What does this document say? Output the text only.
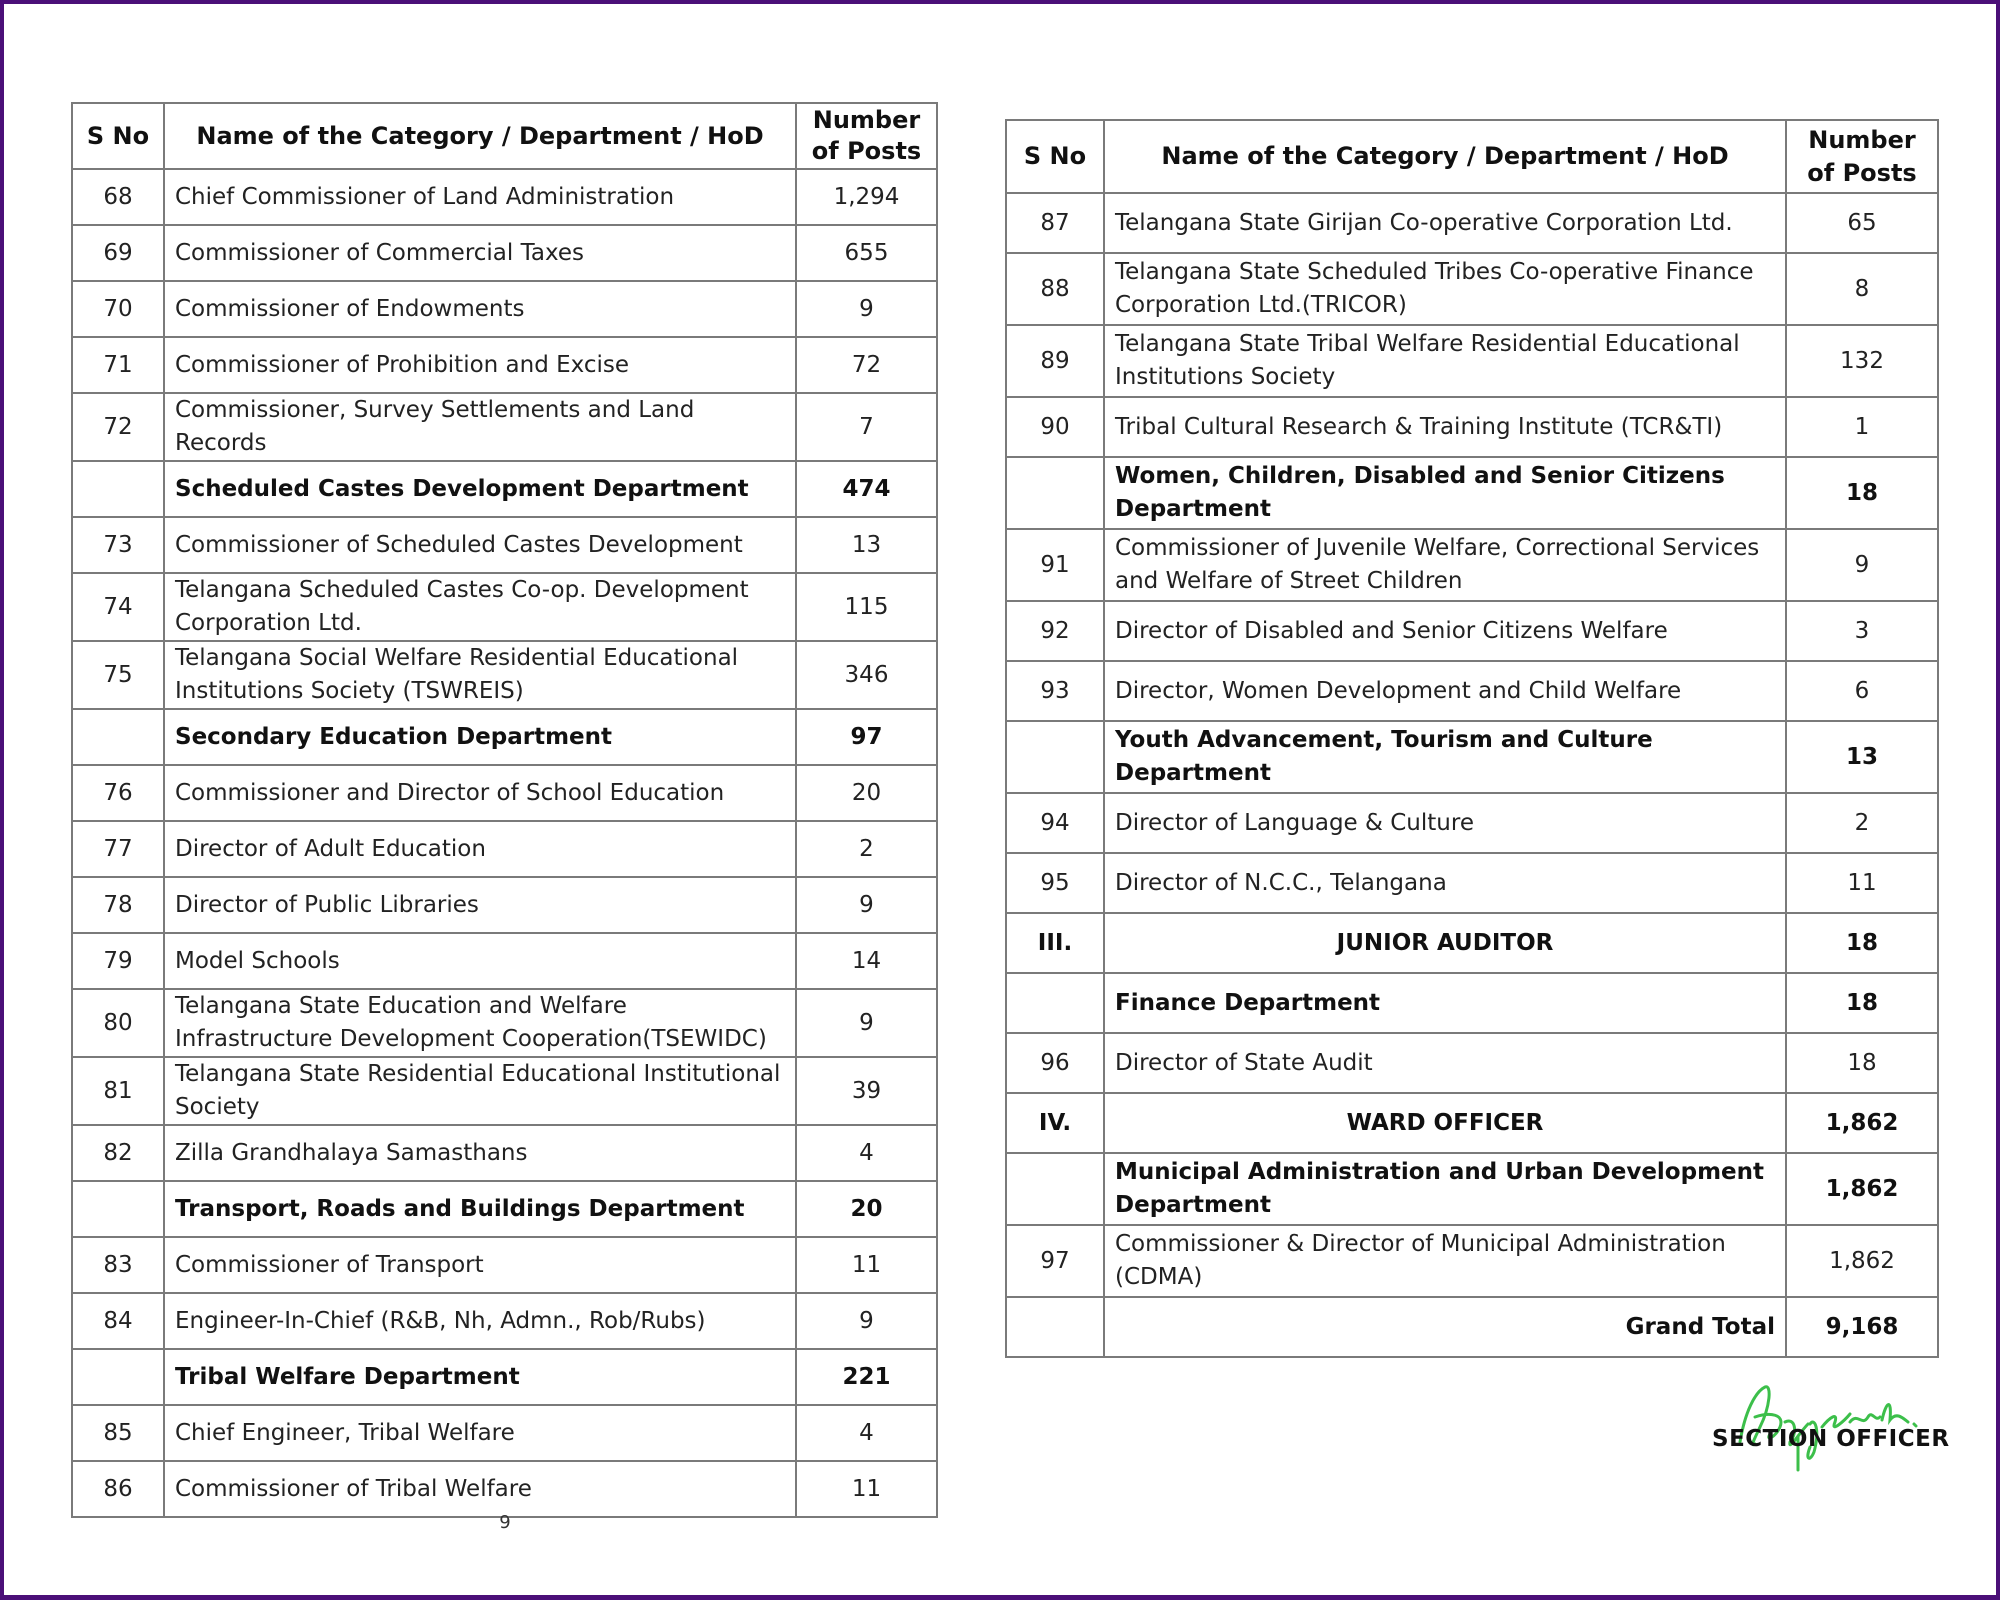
S No	Name of the Category / Department / HoD	Number of Posts
68	Chief Commissioner of Land Administration	1,294
69	Commissioner of Commercial Taxes	655
70	Commissioner of Endowments	9
71	Commissioner of Prohibition and Excise	72
72	Commissioner, Survey Settlements and Land Records	7
	Scheduled Castes Development Department	474
73	Commissioner of Scheduled Castes Development	13
74	Telangana Scheduled Castes Co-op. Development Corporation Ltd.	115
75	Telangana Social Welfare Residential Educational Institutions Society (TSWREIS)	346
	Secondary Education Department	97
76	Commissioner and Director of School Education	20
77	Director of Adult Education	2
78	Director of Public Libraries	9
79	Model Schools	14
80	Telangana State Education and Welfare Infrastructure Development Cooperation(TSEWIDC)	9
81	Telangana State Residential Educational Institutional Society	39
82	Zilla Grandhalaya Samasthans	4
	Transport, Roads and Buildings Department	20
83	Commissioner of Transport	11
84	Engineer-In-Chief (R&B, Nh, Admn., Rob/Rubs)	9
	Tribal Welfare Department	221
85	Chief Engineer, Tribal Welfare	4
86	Commissioner of Tribal Welfare	11
S No	Name of the Category / Department / HoD	Number of Posts
87	Telangana State Girijan Co-operative Corporation Ltd.	65
88	Telangana State Scheduled Tribes Co-operative Finance Corporation Ltd.(TRICOR)	8
89	Telangana State Tribal Welfare Residential Educational Institutions Society	132
90	Tribal Cultural Research & Training Institute (TCR&TI)	1
	Women, Children, Disabled and Senior Citizens Department	18
91	Commissioner of Juvenile Welfare, Correctional Services and Welfare of Street Children	9
92	Director of Disabled and Senior Citizens Welfare	3
93	Director, Women Development and Child Welfare	6
	Youth Advancement, Tourism and Culture Department	13
94	Director of Language & Culture	2
95	Director of N.C.C., Telangana	11
III.	JUNIOR AUDITOR	18
	Finance Department	18
96	Director of State Audit	18
IV.	WARD OFFICER	1,862
	Municipal Administration and Urban Development Department	1,862
97	Commissioner & Director of Municipal Administration (CDMA)	1,862
	Grand Total	9,168
9
SECTION OFFICER
